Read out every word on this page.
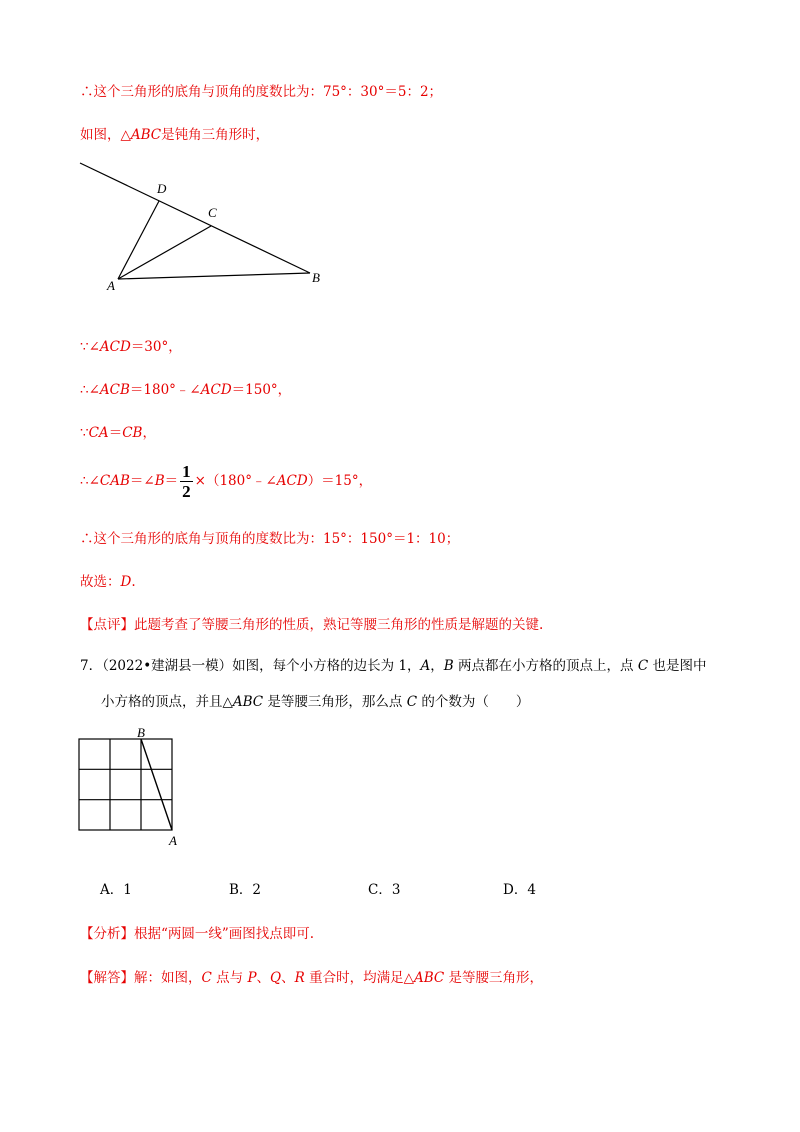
∴这个三角形的底角与顶角的度数比为：75°：30°＝5：2；
如图，△ABC是钝角三角形时，
D
C
A
B
∵∠ACD＝30°，
∴∠ACB＝180°﹣∠ACD＝150°，
∵CA＝CB，
∴∠CAB＝∠B＝ $\frac{1}{2}$ ×（180°﹣∠ACD）＝15°，
∴这个三角形的底角与顶角的度数比为：15°：150°＝1：10；
故选：D.
【点评】此题考查了等腰三角形的性质，熟记等腰三角形的性质是解题的关键.
7．（2022•建湖县一模）如图，每个小方格的边长为 1，A，B 两点都在小方格的顶点上，点 C 也是图中
小方格的顶点，并且△ABC 是等腰三角形，那么点 C 的个数为（　　）
B
A
A．1	B．2	C．3	D．4
【分析】根据“两圆一线”画图找点即可.
【解答】解：如图，C 点与 P、Q、R 重合时，均满足△ABC 是等腰三角形，
